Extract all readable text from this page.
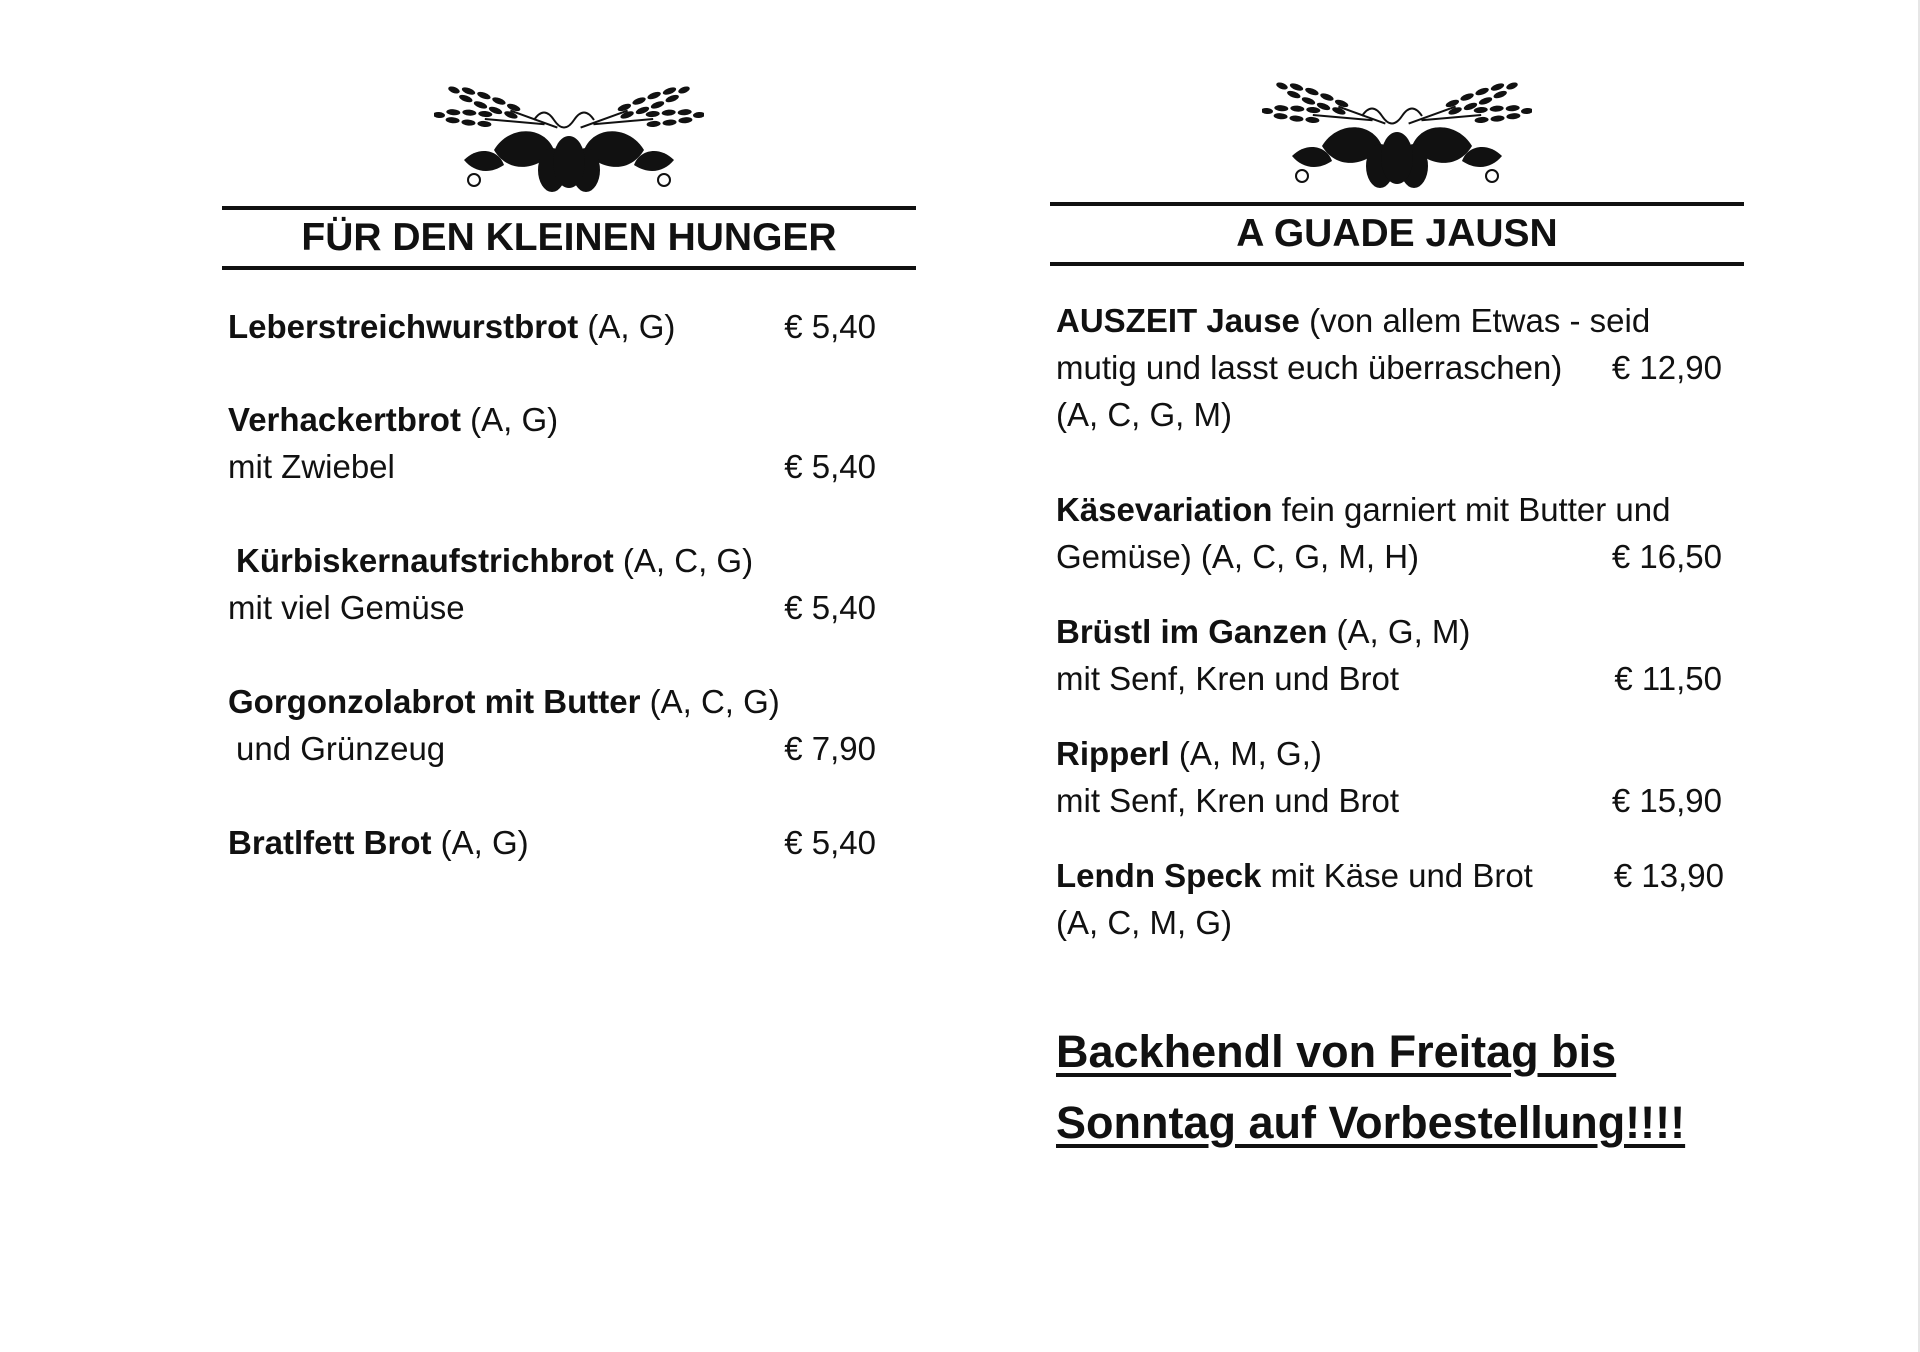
FÜR DEN KLEINEN HUNGER
Leberstreichwurstbrot (A, G)	€ 5,40
Verhackertbrot (A, G)
mit Zwiebel	€ 5,40
Kürbiskernaufstrichbrot (A, C, G)
mit viel Gemüse	€ 5,40
Gorgonzolabrot mit Butter (A, C, G)
und Grünzeug	€ 7,90
Bratlfett Brot (A, G)	€ 5,40
A GUADE JAUSN
AUSZEIT Jause (von allem Etwas - seid
mutig und lasst euch überraschen) € 12,90
(A, C, G, M)
Käsevariation fein garniert mit Butter und
Gemüse) (A, C, G, M, H)	€ 16,50
Brüstl im Ganzen (A, G, M)
mit Senf, Kren und Brot	€ 11,50
Ripperl (A, M, G,)
mit Senf, Kren und Brot	€ 15,90
Lendn Speck mit Käse und Brot € 13,90
(A, C, M, G)
Backhendl von Freitag bis
Sonntag auf Vorbestellung!!!!
